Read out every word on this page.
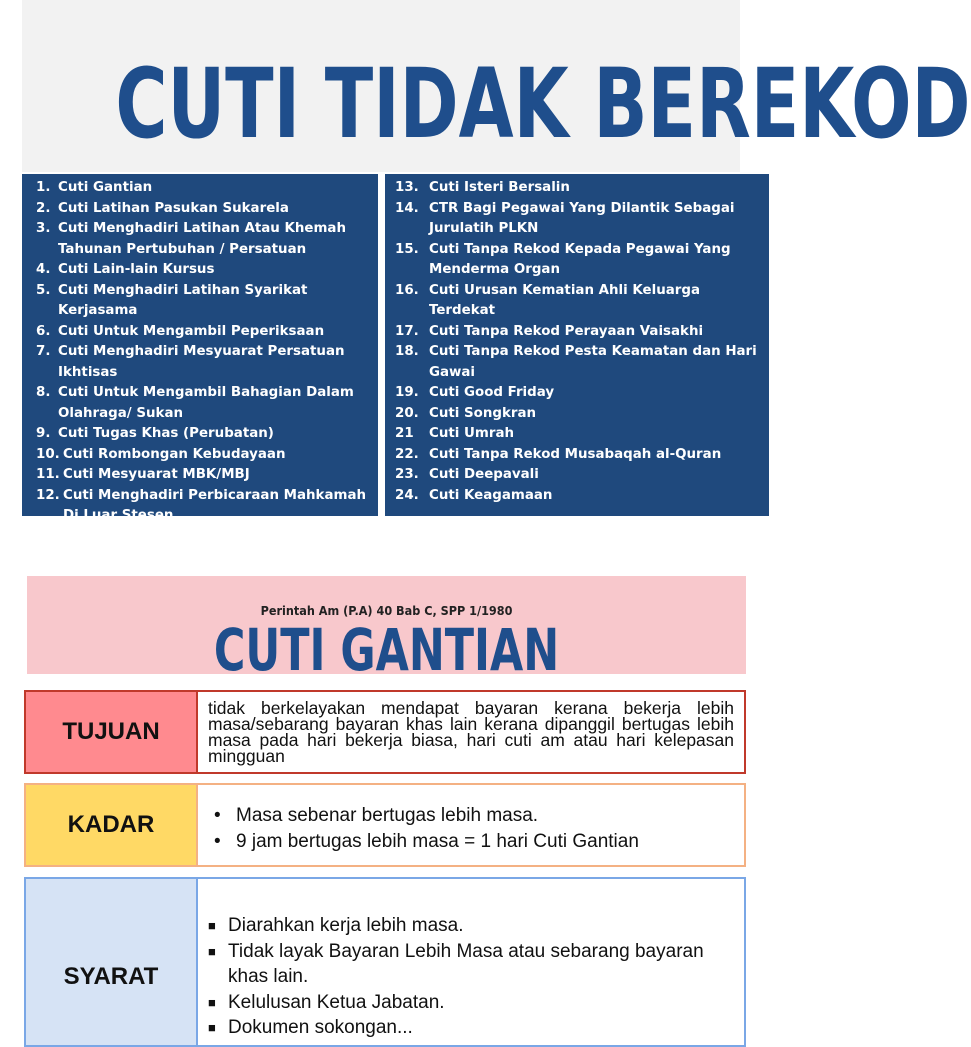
CUTI TIDAK BEREKOD
1. Cuti Gantian
2. Cuti Latihan Pasukan Sukarela
3. Cuti Menghadiri Latihan Atau Khemah Tahunan Pertubuhan / Persatuan
4. Cuti Lain-lain Kursus
5. Cuti Menghadiri Latihan Syarikat Kerjasama
6. Cuti Untuk Mengambil Peperiksaan
7. Cuti Menghadiri Mesyuarat Persatuan Ikhtisas
8. Cuti Untuk Mengambil Bahagian Dalam Olahraga/ Sukan
9. Cuti Tugas Khas (Perubatan)
10. Cuti Rombongan Kebudayaan
11. Cuti Mesyuarat MBK/MBJ
12. Cuti Menghadiri Perbicaraan Mahkamah Di Luar Stesen
13. Cuti Isteri Bersalin
14. CTR Bagi Pegawai Yang Dilantik Sebagai Jurulatih PLKN
15. Cuti Tanpa Rekod Kepada Pegawai Yang Menderma Organ
16. Cuti Urusan Kematian Ahli Keluarga Terdekat
17. Cuti Tanpa Rekod Perayaan Vaisakhi
18. Cuti Tanpa Rekod Pesta Keamatan dan Hari Gawai
19. Cuti Good Friday
20. Cuti Songkran
21	Cuti Umrah
22. Cuti Tanpa Rekod Musabaqah al-Quran
23. Cuti Deepavali
24. Cuti Keagamaan
Perintah Am (P.A) 40 Bab C, SPP 1/1980
CUTI GANTIAN
TUJUAN
tidak berkelayakan mendapat bayaran kerana bekerja lebih masa/sebarang bayaran khas lain kerana dipanggil bertugas lebih masa pada hari bekerja biasa, hari cuti am atau hari kelepasan mingguan
KADAR	• Masa sebenar bertugas lebih masa.
• 9 jam bertugas lebih masa = 1 hari Cuti Gantian
SYARAT
■ Diarahkan kerja lebih masa.
■ Tidak layak Bayaran Lebih Masa atau sebarang bayaran khas lain.
■ Kelulusan Ketua Jabatan.
■ Dokumen sokongan...
